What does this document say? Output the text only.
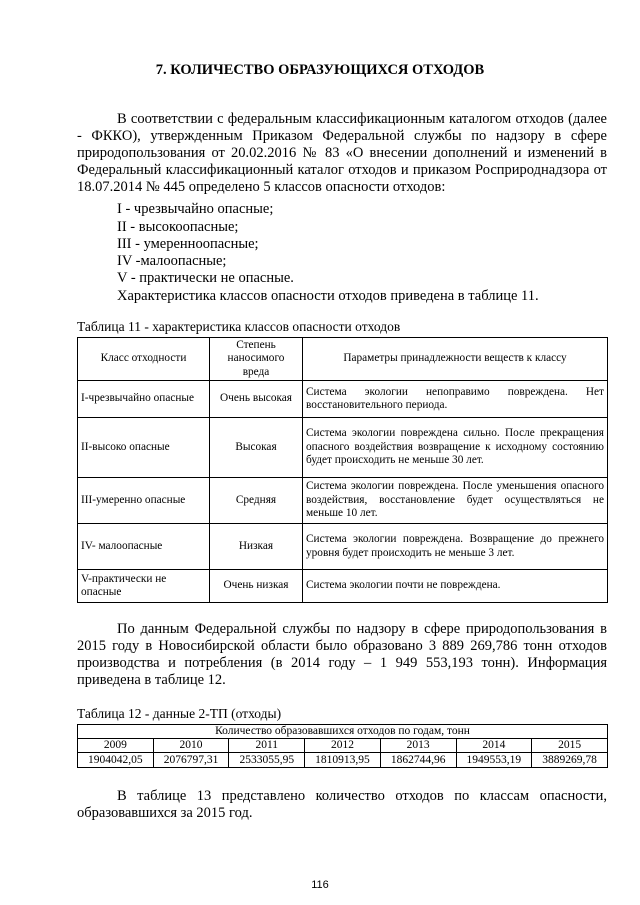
7. КОЛИЧЕСТВО ОБРАЗУЮЩИХСЯ ОТХОДОВ
В соответствии с федеральным классификационным каталогом отходов (далее - ФККО), утвержденным Приказом Федеральной службы по надзору в сфере природопользования от 20.02.2016 № 83 «О внесении дополнений и изменений в Федеральный классификационный каталог отходов и приказом Росприроднадзора от 18.07.2014 № 445 определено 5 классов опасности отходов:
I - чрезвычайно опасные;
II - высокоопасные;
III - умеренноопасные;
IV -малоопасные;
V - практически не опасные.
Характеристика классов опасности отходов приведена в таблице 11.
Таблица 11 - характеристика классов опасности отходов
Класс отходности	Степень наносимого вреда	Параметры принадлежности веществ к классу
I-чрезвычайно опасные	Очень высокая	Система экологии непоправимо повреждена. Нет восстановительного периода.
II-высоко опасные	Высокая	Система экологии повреждена сильно. После прекращения опасного воздействия возвращение к исходному состоянию будет происходить не меньше 30 лет.
III-умеренно опасные	Средняя	Система экологии повреждена. После уменьшения опасного воздействия, восстановление будет осуществляться не меньше 10 лет.
IV- малоопасные	Низкая	Система экологии повреждена. Возвращение до прежнего уровня будет происходить не меньше 3 лет.
V-практически не опасные	Очень низкая	Система экологии почти не повреждена.
По данным Федеральной службы по надзору в сфере природопользования в 2015 году в Новосибирской области было образовано 3 889 269,786 тонн отходов производства и потребления (в 2014 году – 1 949 553,193 тонн). Информация приведена в таблице 12.
Таблица 12 - данные 2-ТП (отходы)
Количество образовавшихся отходов по годам, тонн						
2009	2010	2011	2012	2013	2014	2015
1904042,05	2076797,31	2533055,95	1810913,95	1862744,96	1949553,19	3889269,78
В таблице 13 представлено количество отходов по классам опасности, образовавшихся за 2015 год.
116
